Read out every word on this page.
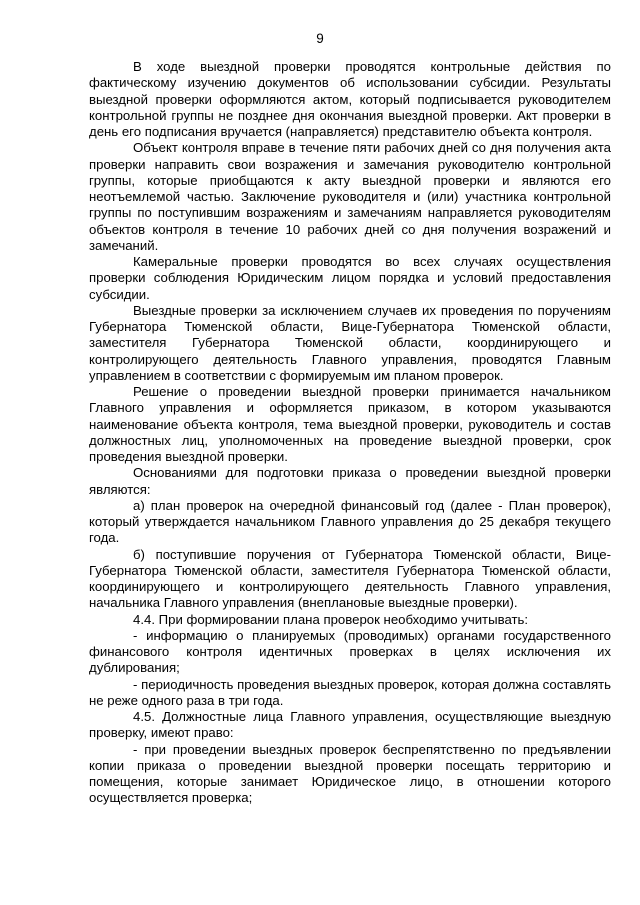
9

В ходе выездной проверки проводятся контрольные действия по фактическому изучению документов об использовании субсидии. Результаты выездной проверки оформляются актом, который подписывается руководителем контрольной группы не позднее дня окончания выездной проверки. Акт проверки в день его подписания вручается (направляется) представителю объекта контроля.

Объект контроля вправе в течение пяти рабочих дней со дня получения акта проверки направить свои возражения и замечания руководителю контрольной группы, которые приобщаются к акту выездной проверки и являются его неотъемлемой частью. Заключение руководителя и (или) участника контрольной группы по поступившим возражениям и замечаниям направляется руководителям объектов контроля в течение 10 рабочих дней со дня получения возражений и замечаний.

Камеральные проверки проводятся во всех случаях осуществления проверки соблюдения Юридическим лицом порядка и условий предоставления субсидии.

Выездные проверки за исключением случаев их проведения по поручениям Губернатора Тюменской области, Вице-Губернатора Тюменской области, заместителя Губернатора Тюменской области, координирующего и контролирующего деятельность Главного управления, проводятся Главным управлением в соответствии с формируемым им планом проверок.

Решение о проведении выездной проверки принимается начальником Главного управления и оформляется приказом, в котором указываются наименование объекта контроля, тема выездной проверки, руководитель и состав должностных лиц, уполномоченных на проведение выездной проверки, срок проведения выездной проверки.

Основаниями для подготовки приказа о проведении выездной проверки являются:

а) план проверок на очередной финансовый год (далее - План проверок), который утверждается начальником Главного управления до 25 декабря текущего года.

б) поступившие поручения от Губернатора Тюменской области, Вице-Губернатора Тюменской области, заместителя Губернатора Тюменской области, координирующего и контролирующего деятельность Главного управления, начальника Главного управления (внеплановые выездные проверки).

4.4. При формировании плана проверок необходимо учитывать:

- информацию о планируемых (проводимых) органами государственного финансового контроля идентичных проверках в целях исключения их дублирования;

- периодичность проведения выездных проверок, которая должна составлять не реже одного раза в три года.

4.5. Должностные лица Главного управления, осуществляющие выездную проверку, имеют право:

- при проведении выездных проверок беспрепятственно по предъявлении копии приказа о проведении выездной проверки посещать территорию и помещения, которые занимает Юридическое лицо, в отношении которого осуществляется проверка;
